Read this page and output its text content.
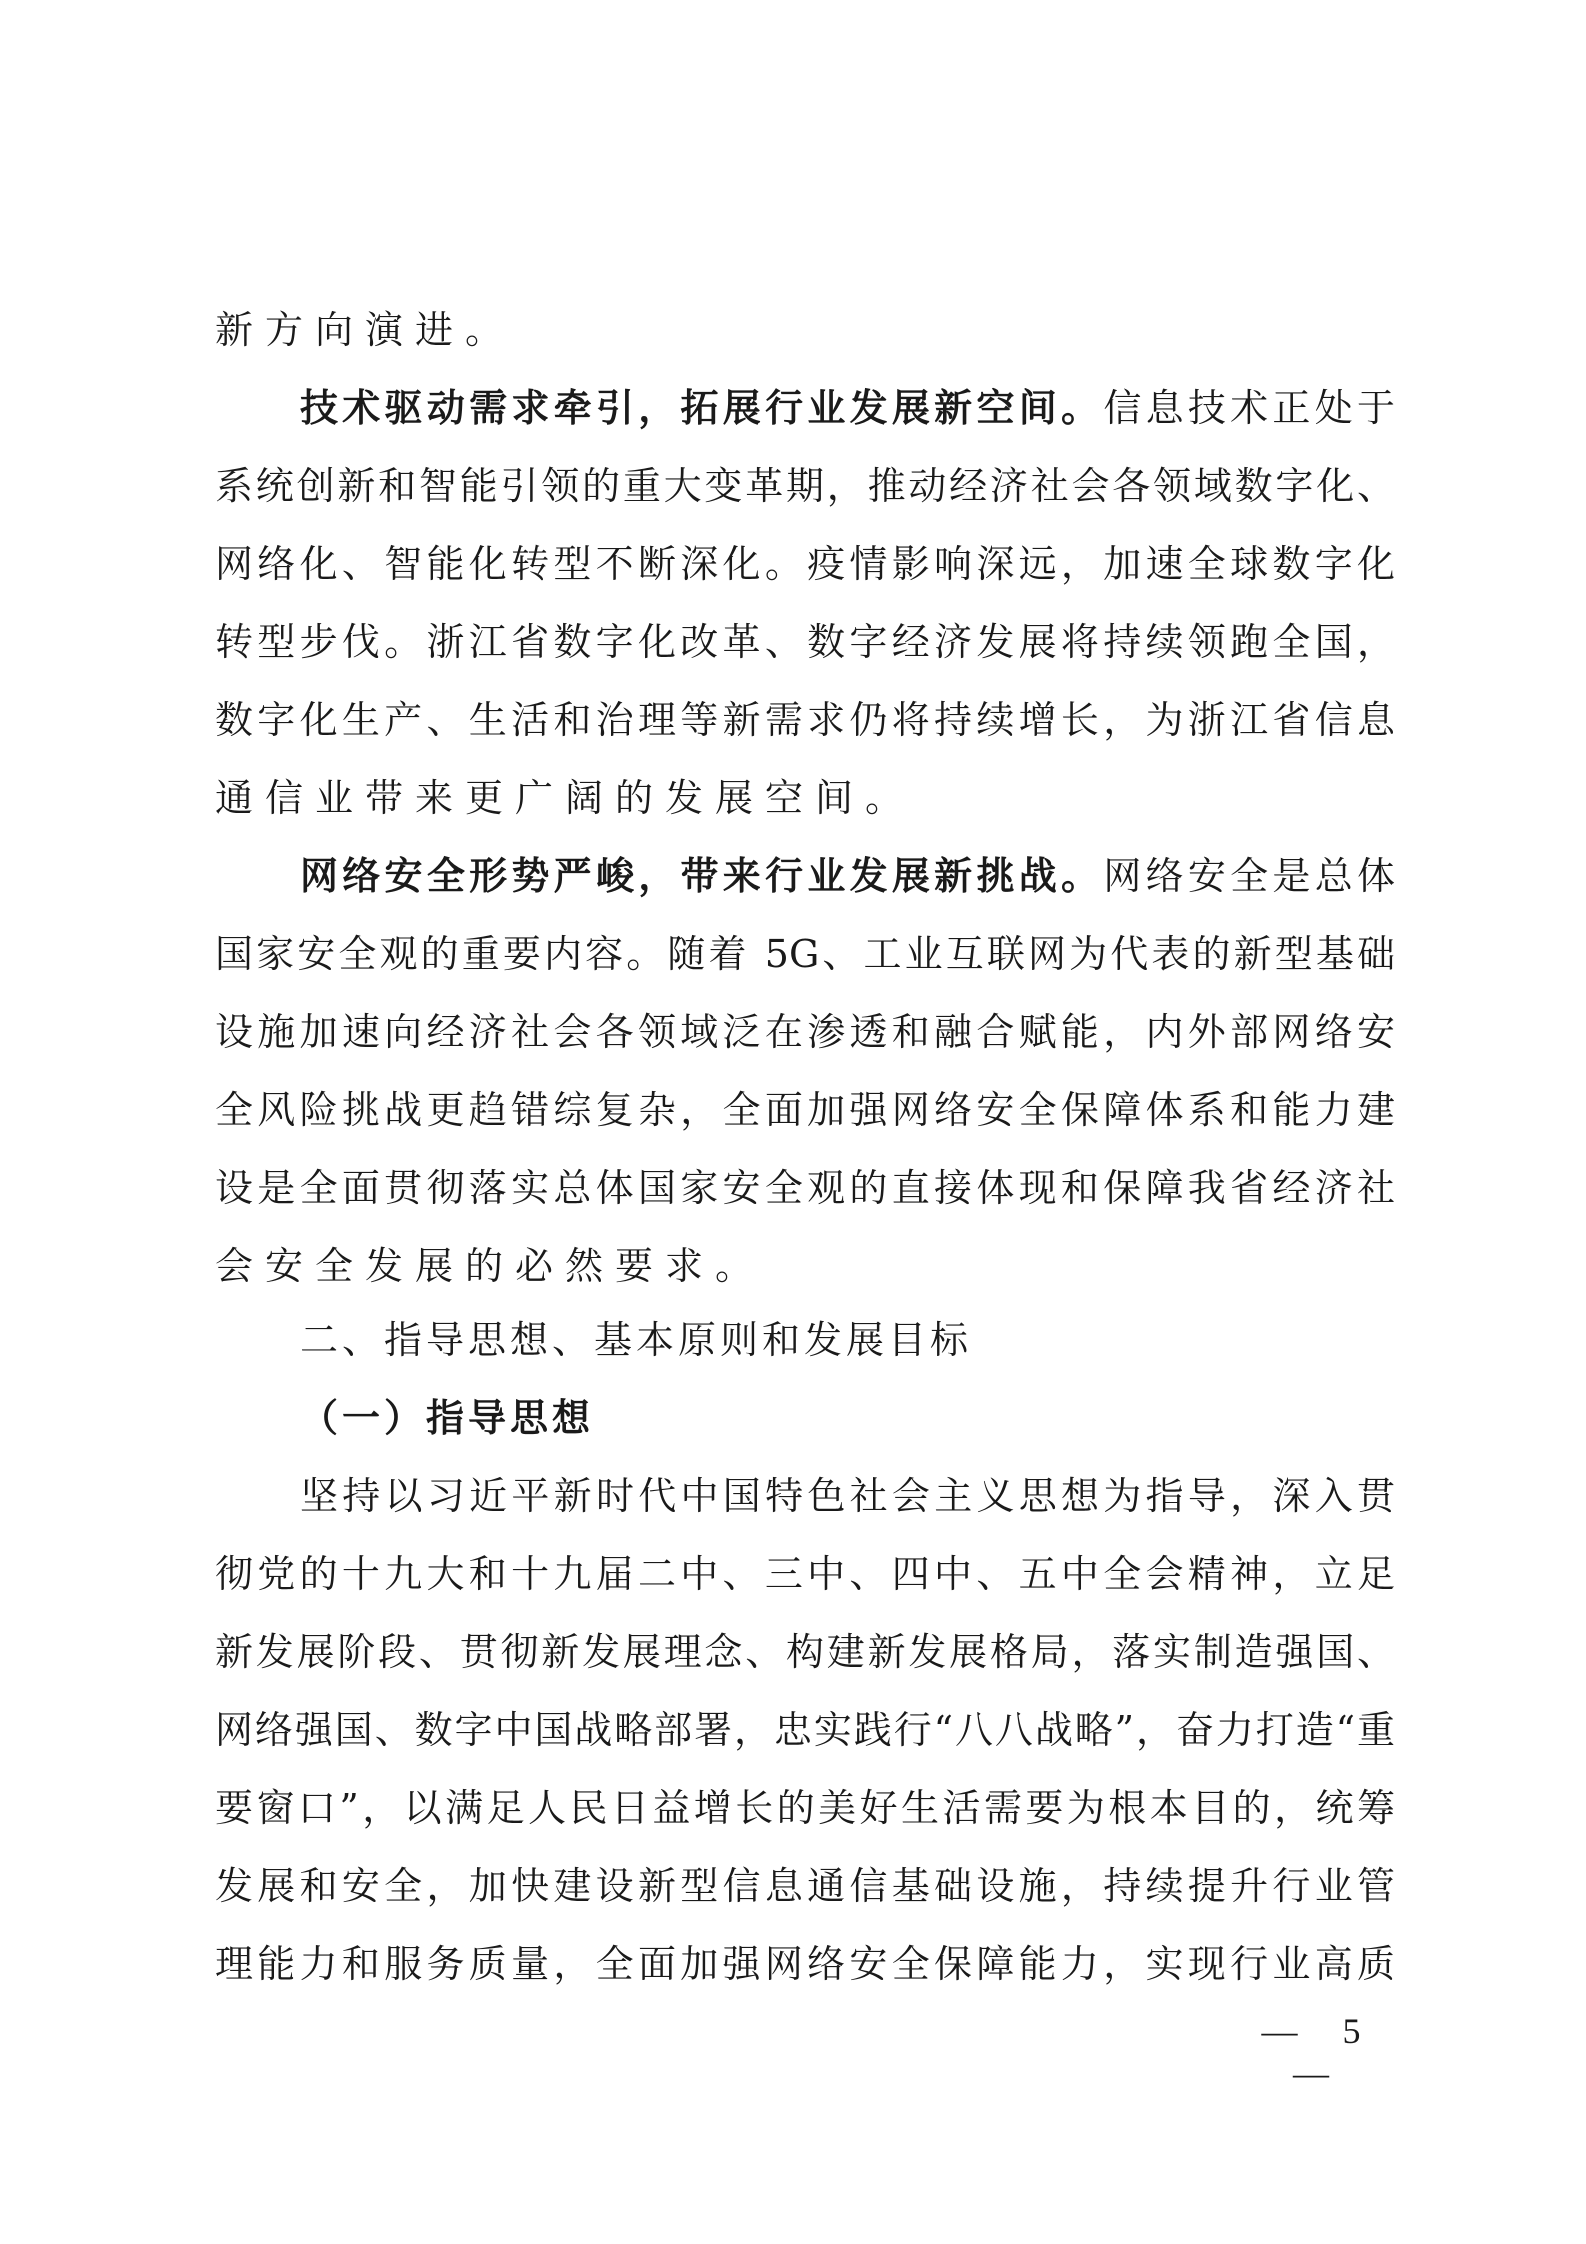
新方向演进。
技术驱动需求牵引，拓展行业发展新空间。信息技术正处于
系统创新和智能引领的重大变革期，推动经济社会各领域数字化、
网络化、智能化转型不断深化。疫情影响深远，加速全球数字化
转型步伐。浙江省数字化改革、数字经济发展将持续领跑全国，
数字化生产、生活和治理等新需求仍将持续增长，为浙江省信息
通信业带来更广阔的发展空间。
网络安全形势严峻，带来行业发展新挑战。网络安全是总体
国家安全观的重要内容。随着 5G、工业互联网为代表的新型基础
设施加速向经济社会各领域泛在渗透和融合赋能，内外部网络安
全风险挑战更趋错综复杂，全面加强网络安全保障体系和能力建
设是全面贯彻落实总体国家安全观的直接体现和保障我省经济社
会安全发展的必然要求。
二、指导思想、基本原则和发展目标
（一）指导思想
坚持以习近平新时代中国特色社会主义思想为指导，深入贯
彻党的十九大和十九届二中、三中、四中、五中全会精神，立足
新发展阶段、贯彻新发展理念、构建新发展格局，落实制造强国、
网络强国、数字中国战略部署，忠实践行“八八战略”，奋力打造“重
要窗口”，以满足人民日益增长的美好生活需要为根本目的，统筹
发展和安全，加快建设新型信息通信基础设施，持续提升行业管
理能力和服务质量，全面加强网络安全保障能力，实现行业高质
— 5 —
